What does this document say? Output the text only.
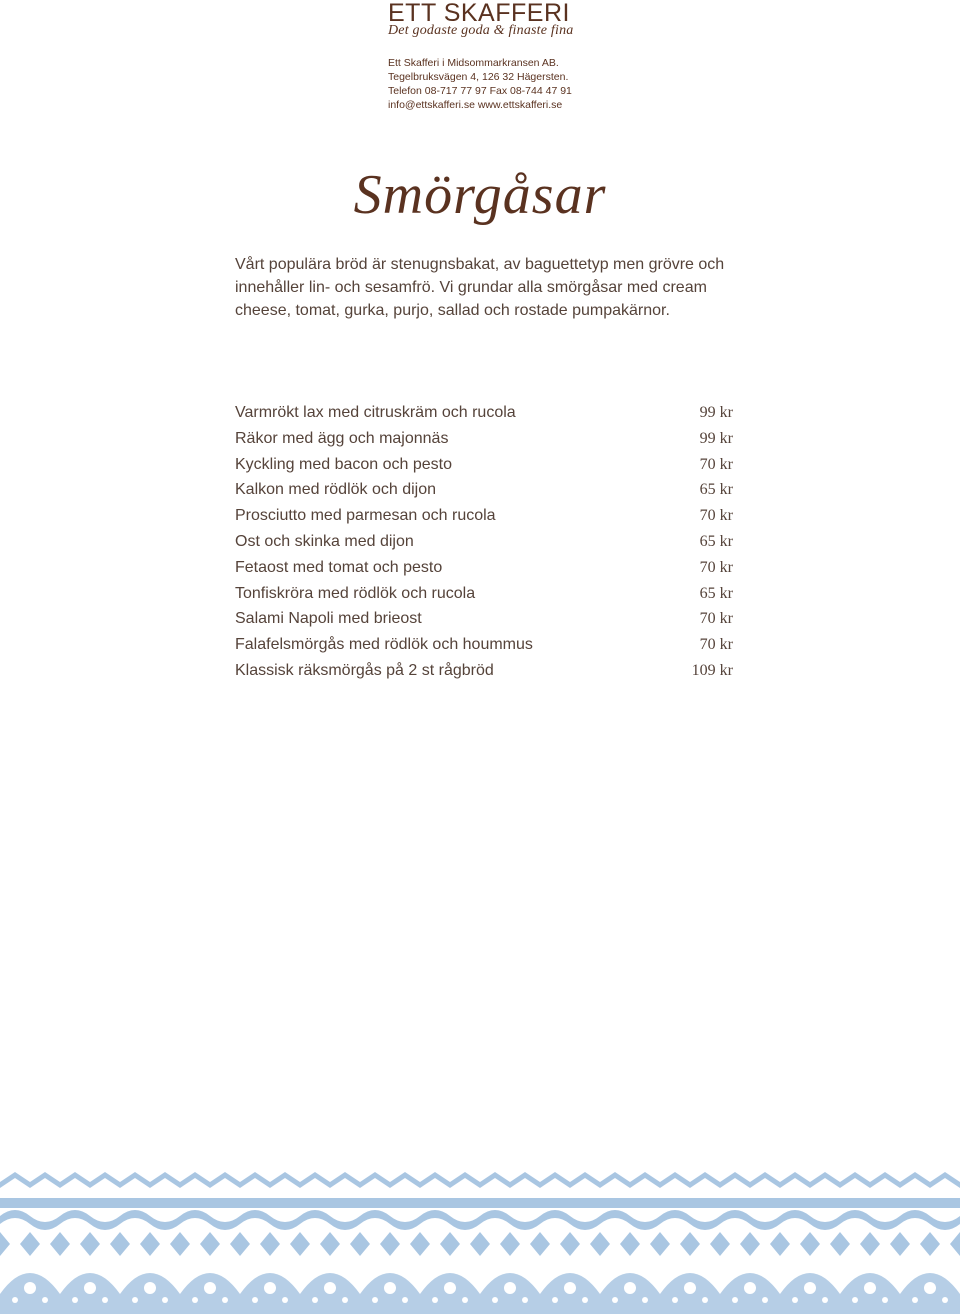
ETT SKAFFERI
Det godaste goda & finaste fina
Ett Skafferi i Midsommarkransen AB.
Tegelbruksvägen 4, 126 32 Hägersten.
Telefon 08-717 77 97 Fax 08-744 47 91
info@ettskafferi.se www.ettskafferi.se
Smörgåsar
Vårt populära bröd är stenugnsbakat, av baguettetyp men grövre och innehåller lin- och sesamfrö. Vi grundar alla smörgåsar med cream cheese, tomat, gurka, purjo, sallad och rostade pumpakärnor.
Varmrökt lax med citruskräm och rucola	99 kr
Räkor med ägg och majonnäs	99 kr
Kyckling med bacon och pesto	70 kr
Kalkon med rödlök och dijon	65 kr
Prosciutto med parmesan och rucola	70 kr
Ost och skinka med dijon	65 kr
Fetaost med tomat och pesto	70 kr
Tonfiskröra med rödlök och rucola	65 kr
Salami Napoli med brieost	70 kr
Falafelsmörgås med rödlök och hoummus	70 kr
Klassisk räksmörgås på 2 st rågbröd	109 kr
